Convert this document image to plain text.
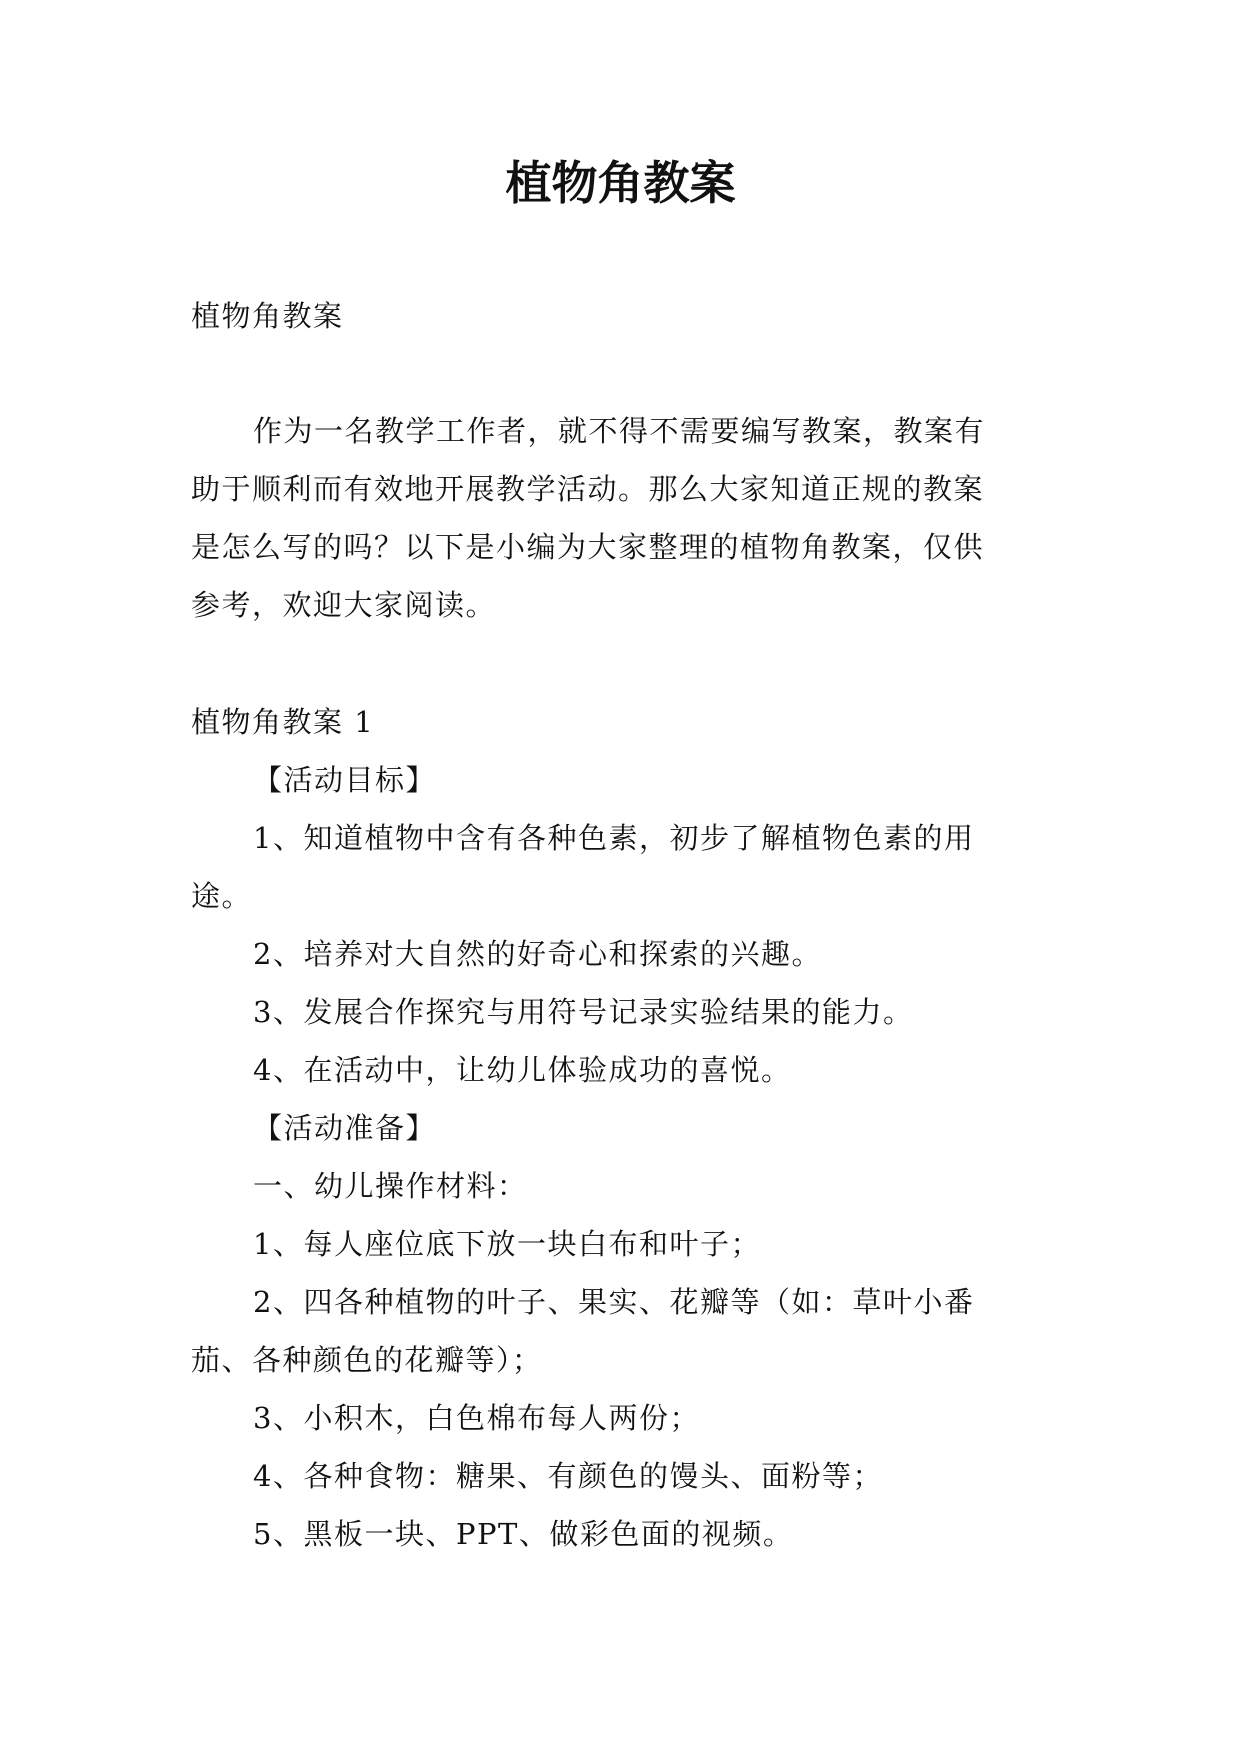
植物角教案
植物角教案
作为一名教学工作者，就不得不需要编写教案，教案有
助于顺利而有效地开展教学活动。那么大家知道正规的教案
是怎么写的吗？以下是小编为大家整理的植物角教案，仅供
参考，欢迎大家阅读。
植物角教案 1
【活动目标】
1、知道植物中含有各种色素，初步了解植物色素的用
途。
2、培养对大自然的好奇心和探索的兴趣。
3、发展合作探究与用符号记录实验结果的能力。
4、在活动中，让幼儿体验成功的喜悦。
【活动准备】
一、幼儿操作材料：
1、每人座位底下放一块白布和叶子；
2、四各种植物的叶子、果实、花瓣等（如：草叶小番
茄、各种颜色的花瓣等）；
3、小积木，白色棉布每人两份；
4、各种食物：糖果、有颜色的馒头、面粉等；
5、黑板一块、PPT、做彩色面的视频。
